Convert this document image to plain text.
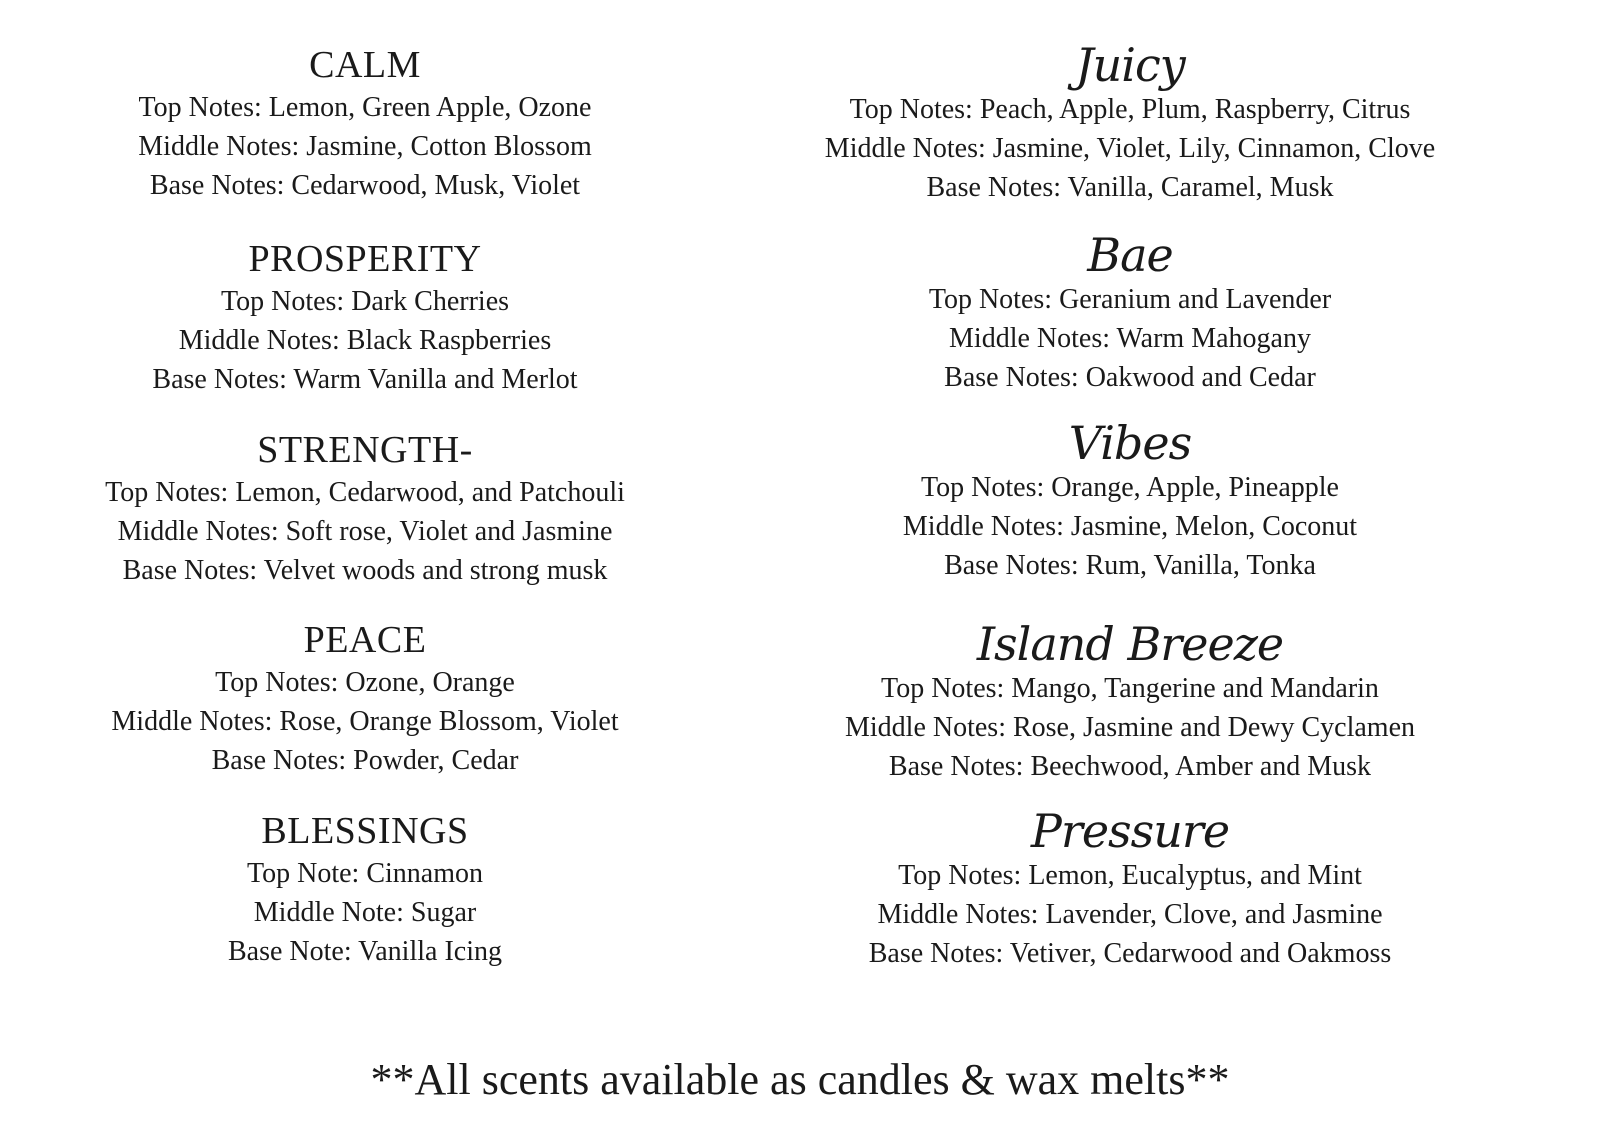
CALM
Top Notes: Lemon, Green Apple, Ozone
Middle Notes: Jasmine, Cotton Blossom
Base Notes: Cedarwood, Musk, Violet
PROSPERITY
Top Notes: Dark Cherries
Middle Notes: Black Raspberries
Base Notes: Warm Vanilla and Merlot
STRENGTH-
Top Notes: Lemon, Cedarwood, and Patchouli
Middle Notes: Soft rose, Violet and Jasmine
Base Notes: Velvet woods and strong musk
PEACE
Top Notes: Ozone, Orange
Middle Notes: Rose, Orange Blossom, Violet
Base Notes: Powder, Cedar
BLESSINGS
Top Note: Cinnamon
Middle Note: Sugar
Base Note: Vanilla Icing
Juicy
Top Notes: Peach, Apple, Plum, Raspberry, Citrus
Middle Notes: Jasmine, Violet, Lily, Cinnamon, Clove
Base Notes: Vanilla, Caramel, Musk
Bae
Top Notes: Geranium and Lavender
Middle Notes: Warm Mahogany
Base Notes: Oakwood and Cedar
Vibes
Top Notes: Orange, Apple, Pineapple
Middle Notes: Jasmine, Melon, Coconut
Base Notes: Rum, Vanilla, Tonka
Island Breeze
Top Notes: Mango, Tangerine and Mandarin
Middle Notes: Rose, Jasmine and Dewy Cyclamen
Base Notes: Beechwood, Amber and Musk
Pressure
Top Notes: Lemon, Eucalyptus, and Mint
Middle Notes: Lavender, Clove, and Jasmine
Base Notes: Vetiver, Cedarwood and Oakmoss
**All scents available as candles & wax melts**
